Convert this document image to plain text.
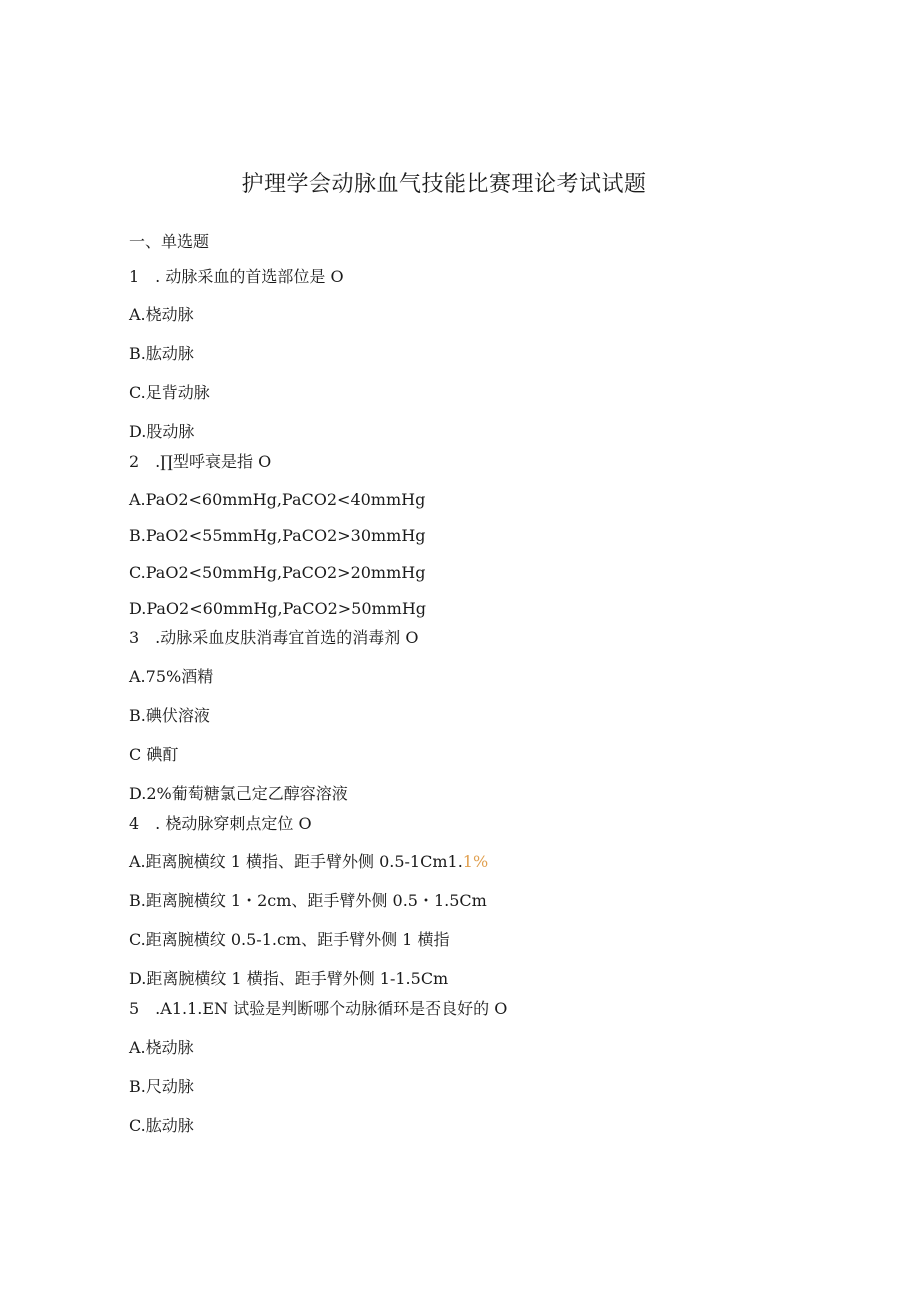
护理学会动脉血气技能比赛理论考试试题
一、单选题
1　. 动脉采血的首选部位是 O
A.桡动脉
B.肱动脉
C.足背动脉
D.股动脉
2　.∏型呼衰是指 O
A.PaO2<60mmHg,PaCO2<40mmHg
B.PaO2<55mmHg,PaCO2>30mmHg
C.PaO2<50mmHg,PaCO2>20mmHg
D.PaO2<60mmHg,PaCO2>50mmHg
3　.动脉采血皮肤消毒宜首选的消毒剂 O
A.75%酒精
B.碘伏溶液
C 碘酊
D.2%葡萄糖氯己定乙醇容溶液
4　. 桡动脉穿刺点定位 O
A.距离腕横纹 1 横指、距手臂外侧 0.5-1Cm1.1%
B.距离腕横纹 1・2cm、距手臂外侧 0.5・1.5Cm
C.距离腕横纹 0.5-1.cm、距手臂外侧 1 横指
D.距离腕横纹 1 横指、距手臂外侧 1-1.5Cm
5　.A1.1.EN 试验是判断哪个动脉循环是否良好的 O
A.桡动脉
B.尺动脉
C.肱动脉
